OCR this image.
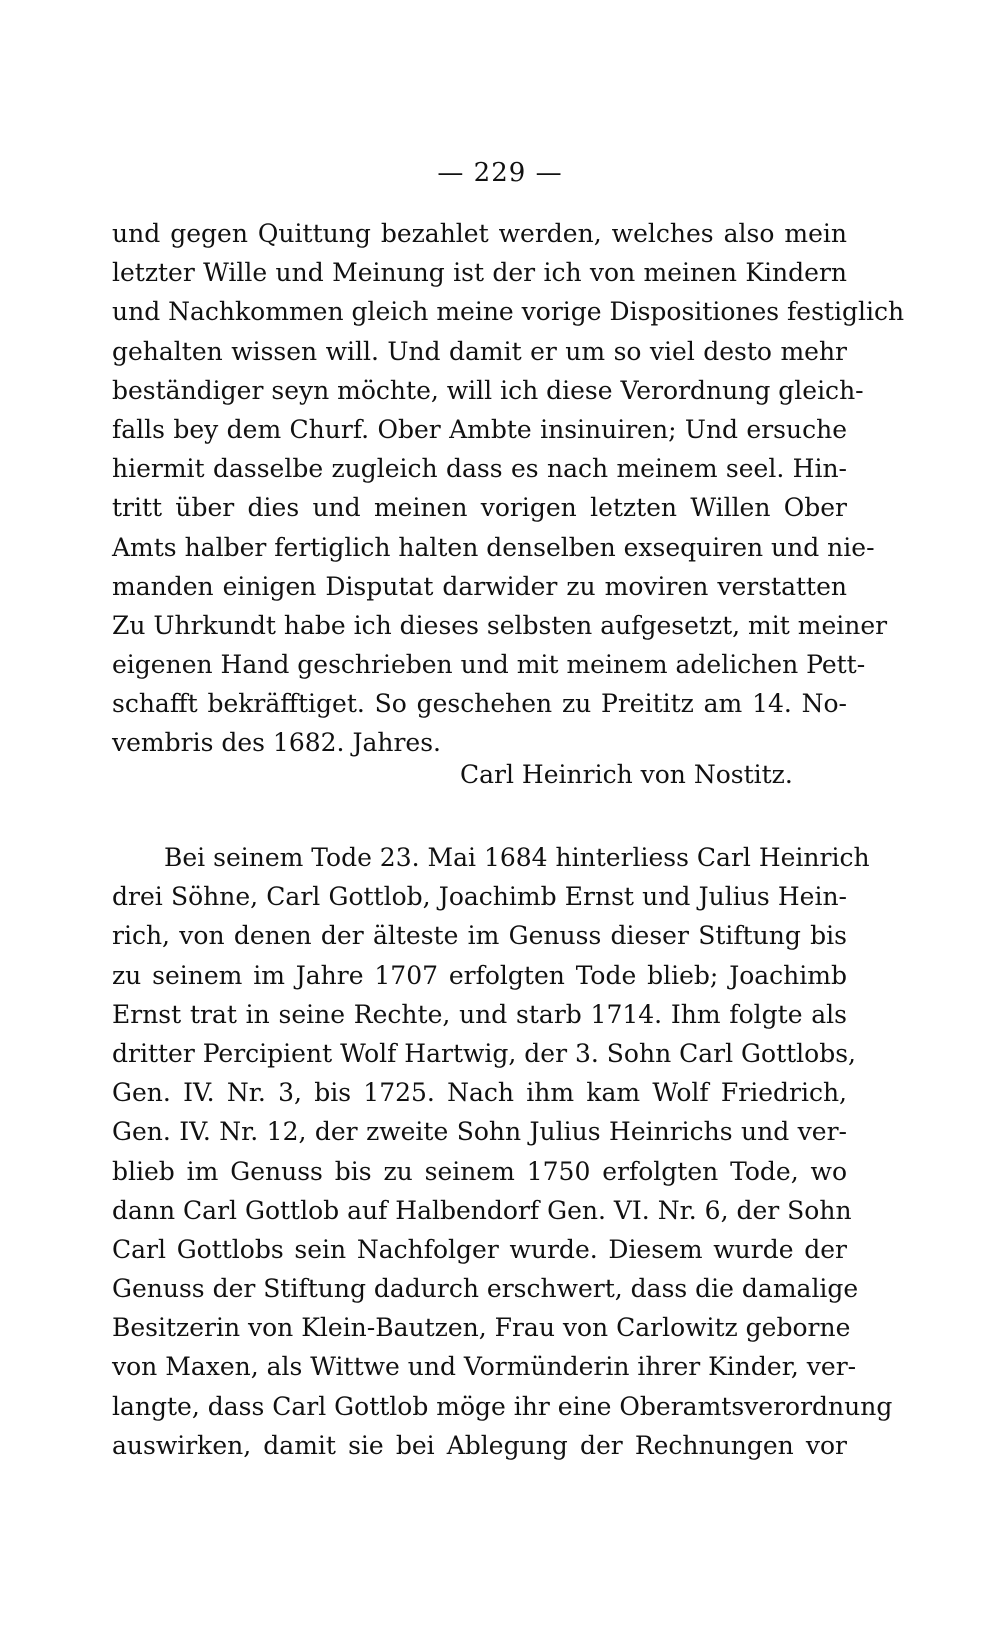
— 229 —
und gegen Quittung bezahlet werden, welches also mein
letzter Wille und Meinung ist der ich von meinen Kindern
und Nachkommen gleich meine vorige Dispositiones festiglich
gehalten wissen will. Und damit er um so viel desto mehr
beständiger seyn möchte, will ich diese Verordnung gleich-
falls bey dem Churf. Ober Ambte insinuiren; Und ersuche
hiermit dasselbe zugleich dass es nach meinem seel. Hin-
tritt über dies und meinen vorigen letzten Willen Ober
Amts halber fertiglich halten denselben exsequiren und nie-
manden einigen Disputat darwider zu moviren verstatten
Zu Uhrkundt habe ich dieses selbsten aufgesetzt, mit meiner
eigenen Hand geschrieben und mit meinem adelichen Pett-
schafft bekräfftiget. So geschehen zu Preititz am 14. No-
vembris des 1682. Jahres.
Carl Heinrich von Nostitz.
Bei seinem Tode 23. Mai 1684 hinterliess Carl Heinrich
drei Söhne, Carl Gottlob, Joachimb Ernst und Julius Hein-
rich, von denen der älteste im Genuss dieser Stiftung bis
zu seinem im Jahre 1707 erfolgten Tode blieb; Joachimb
Ernst trat in seine Rechte, und starb 1714. Ihm folgte als
dritter Percipient Wolf Hartwig, der 3. Sohn Carl Gottlobs,
Gen. IV. Nr. 3, bis 1725. Nach ihm kam Wolf Friedrich,
Gen. IV. Nr. 12, der zweite Sohn Julius Heinrichs und ver-
blieb im Genuss bis zu seinem 1750 erfolgten Tode, wo
dann Carl Gottlob auf Halbendorf Gen. VI. Nr. 6, der Sohn
Carl Gottlobs sein Nachfolger wurde. Diesem wurde der
Genuss der Stiftung dadurch erschwert, dass die damalige
Besitzerin von Klein-Bautzen, Frau von Carlowitz geborne
von Maxen, als Wittwe und Vormünderin ihrer Kinder, ver-
langte, dass Carl Gottlob möge ihr eine Oberamtsverordnung
auswirken, damit sie bei Ablegung der Rechnungen vor
